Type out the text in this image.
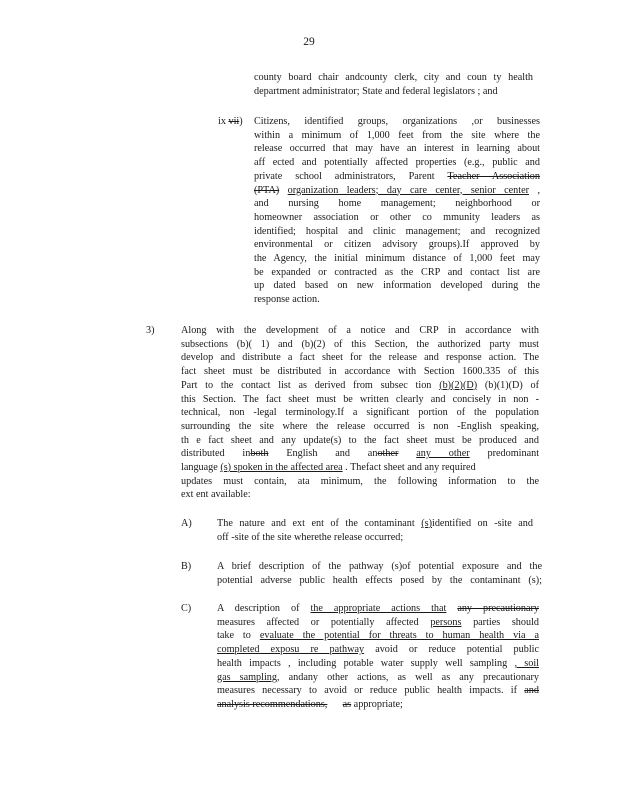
29
county board chair andcounty clerk, city and coun ty health
department administrator; State and federal legislators ; and
ix vii) Citizens, identified groups, organizations ,or businesses
within a minimum of 1,000 feet from the site where the
release occurred that may have an interest in learning about
aff ected and potentially affected properties (e.g., public and
private school administrators, Parent Teacher Association
(PTA) organization leaders; day care center, senior center ,
and nursing home management; neighborhood or
homeowner association or other co mmunity leaders as
identified; hospital and clinic management; and recognized
environmental or citizen advisory groups).If approved by
the Agency, the initial minimum distance of 1,000 feet may
be expanded or contracted as the CRP and contact list are
up dated based on new information developed during the
response action.
3)	Along with the development of a notice and CRP in accordance with
subsections (b)( 1) and (b)(2) of this Section, the authorized party must
develop and distribute a fact sheet for the release and response action. The
fact sheet must be distributed in accordance with Section 1600.335 of this
Part to the contact list as derived from subsec tion (b)(2)(D) (b)(1)(D) of
this Section. The fact sheet must be written clearly and concisely in non -
technical, non -legal terminology.If a significant portion of the population
surrounding the site where the release occurred is non -English speaking,
th e fact sheet and any update(s) to the fact sheet must be produced and
distributed inboth English and another any other predominant
language (s) spoken in the affected area . Thefact sheet and any required
updates must contain, ata minimum, the following information to the
ext ent available:
A) The nature and ext ent of the contaminant (s)identified on -site and
off -site of the site wherethe release occurred;
B)	A brief description of the pathway (s)of potential exposure and the
potential adverse public health effects posed by the contaminant (s);
C)	A description of the appropriate actions that any precautionary
measures affected or potentially affected persons parties should
take to evaluate the potential for threats to human health via a
completed exposu re pathway avoid or reduce potential public
health impacts , including potable water supply well sampling , soil
gas sampling, andany other actions, as well as any precautionary
measures necessary to avoid or reduce public health impacts. if and
analysis recommendations, as appropriate;
